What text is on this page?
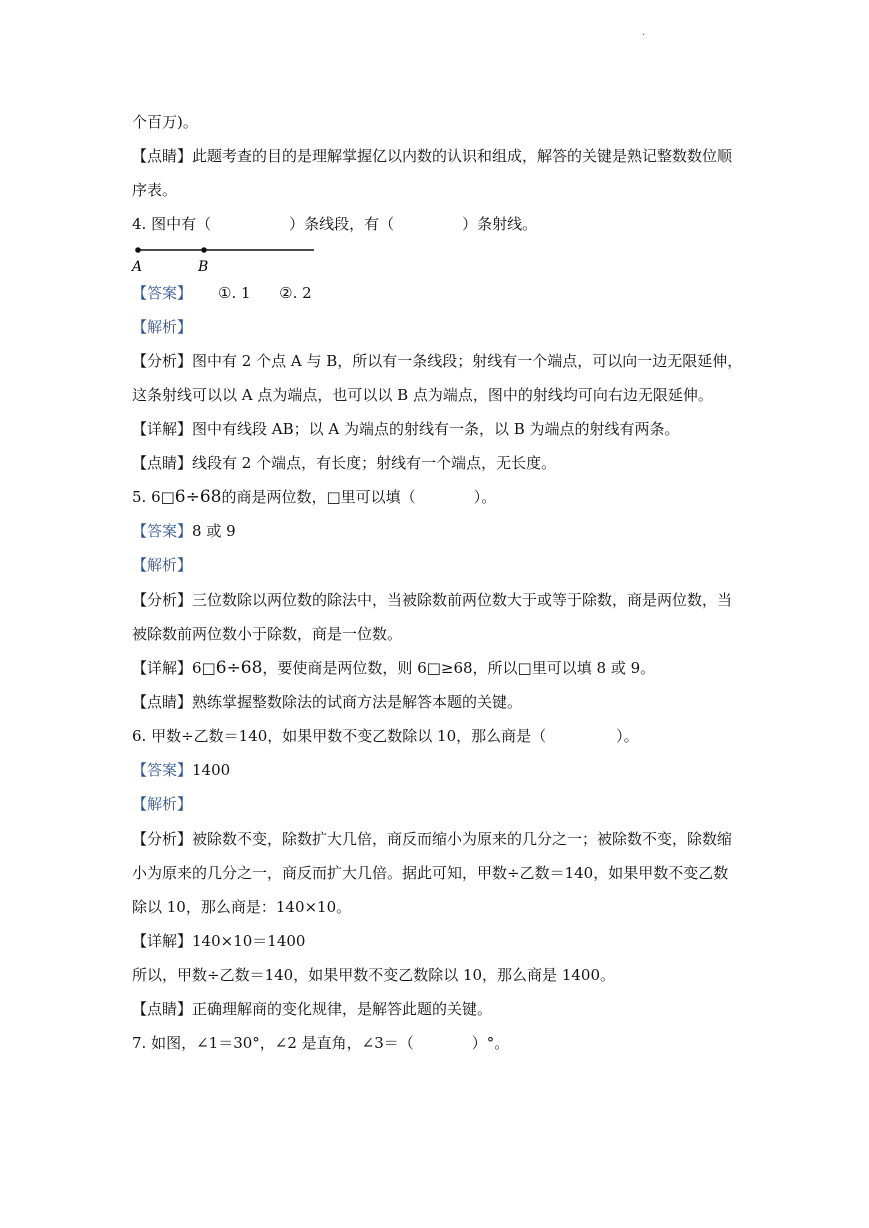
·
个百万)。
【点睛】此题考查的目的是理解掌握亿以内数的认识和组成，解答的关键是熟记整数数位顺
序表。
4. 图中有（	）条线段，有（	）条射线。
A	B
【答案】 ①. 1      ②. 2
【解析】
【分析】图中有 2 个点 A 与 B，所以有一条线段；射线有一个端点，可以向一边无限延伸，
这条射线可以以 A 点为端点，也可以以 B 点为端点，图中的射线均可向右边无限延伸。
【详解】图中有线段 AB；以 A 为端点的射线有一条，以 B 为端点的射线有两条。
【点睛】线段有 2 个端点，有长度；射线有一个端点，无长度。
5. 6□6÷68的商是两位数，□里可以填（	）。
【答案】8 或 9
【解析】
【分析】三位数除以两位数的除法中，当被除数前两位数大于或等于除数，商是两位数，当
被除数前两位数小于除数，商是一位数。
【详解】6□6÷68，要使商是两位数，则 6□≥68，所以□里可以填 8 或 9。
【点睛】熟练掌握整数除法的试商方法是解答本题的关键。
6. 甲数÷乙数＝140，如果甲数不变乙数除以 10，那么商是（	）。
【答案】1400
【解析】
【分析】被除数不变，除数扩大几倍，商反而缩小为原来的几分之一；被除数不变，除数缩
小为原来的几分之一，商反而扩大几倍。据此可知，甲数÷乙数＝140，如果甲数不变乙数
除以 10，那么商是：140×10。
【详解】140×10＝1400
所以，甲数÷乙数＝140，如果甲数不变乙数除以 10，那么商是 1400。
【点睛】正确理解商的变化规律，是解答此题的关键。
7. 如图，∠1＝30°，∠2 是直角，∠3＝（	）°。
